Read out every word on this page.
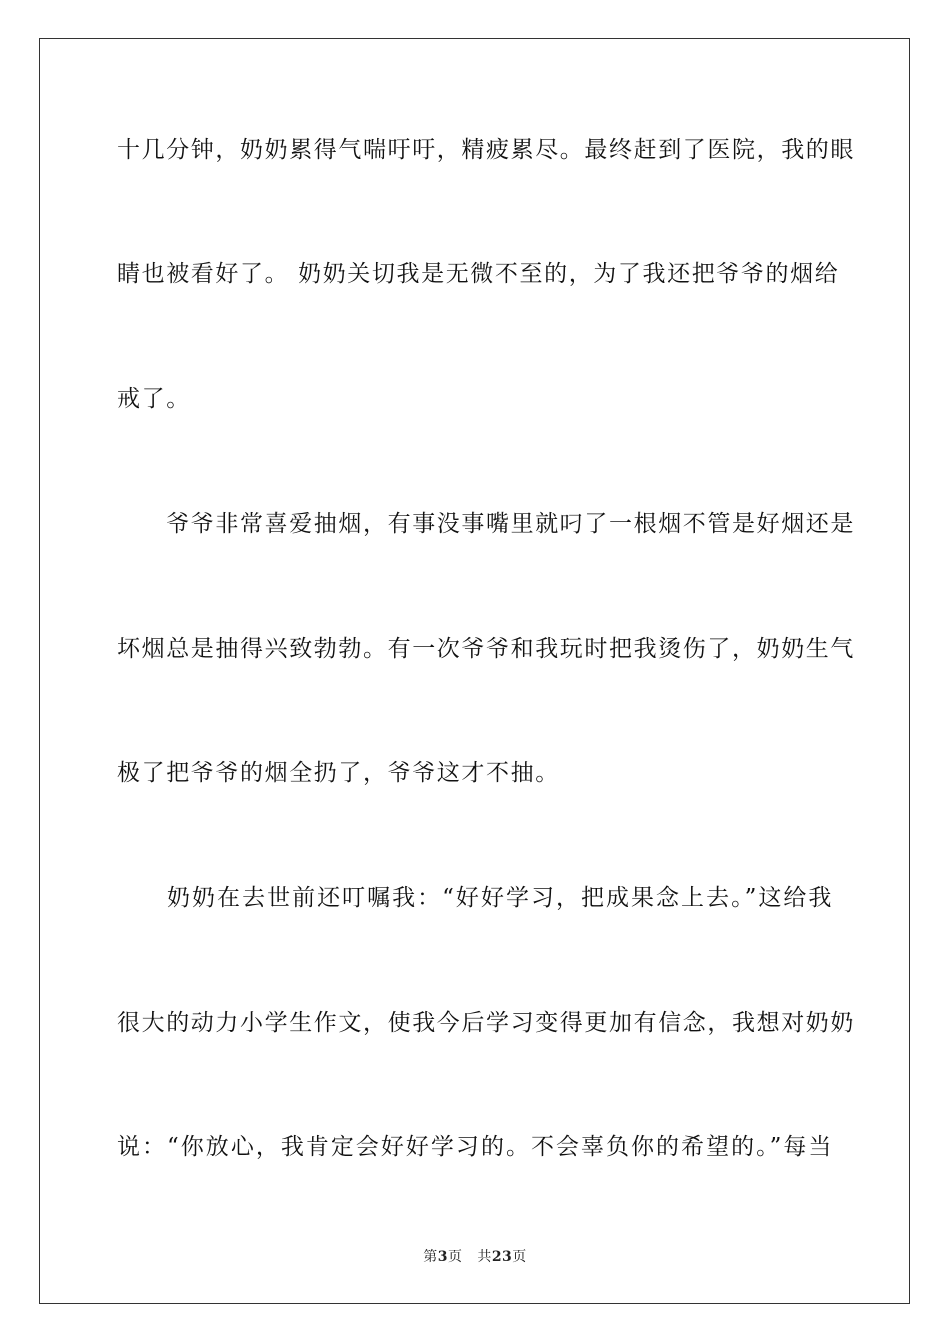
十几分钟，奶奶累得气喘吁吁，精疲累尽。最终赶到了医院，我的眼
睛也被看好了。 奶奶关切我是无微不至的，为了我还把爷爷的烟给
戒了。
　　爷爷非常喜爱抽烟，有事没事嘴里就叼了一根烟不管是好烟还是
坏烟总是抽得兴致勃勃。有一次爷爷和我玩时把我烫伤了，奶奶生气
极了把爷爷的烟全扔了，爷爷这才不抽。
　　奶奶在去世前还叮嘱我：“好好学习，把成果念上去。”这给我
很大的动力小学生作文，使我今后学习变得更加有信念，我想对奶奶
说：“你放心，我肯定会好好学习的。不会辜负你的希望的。”每当
第3页 共23页
